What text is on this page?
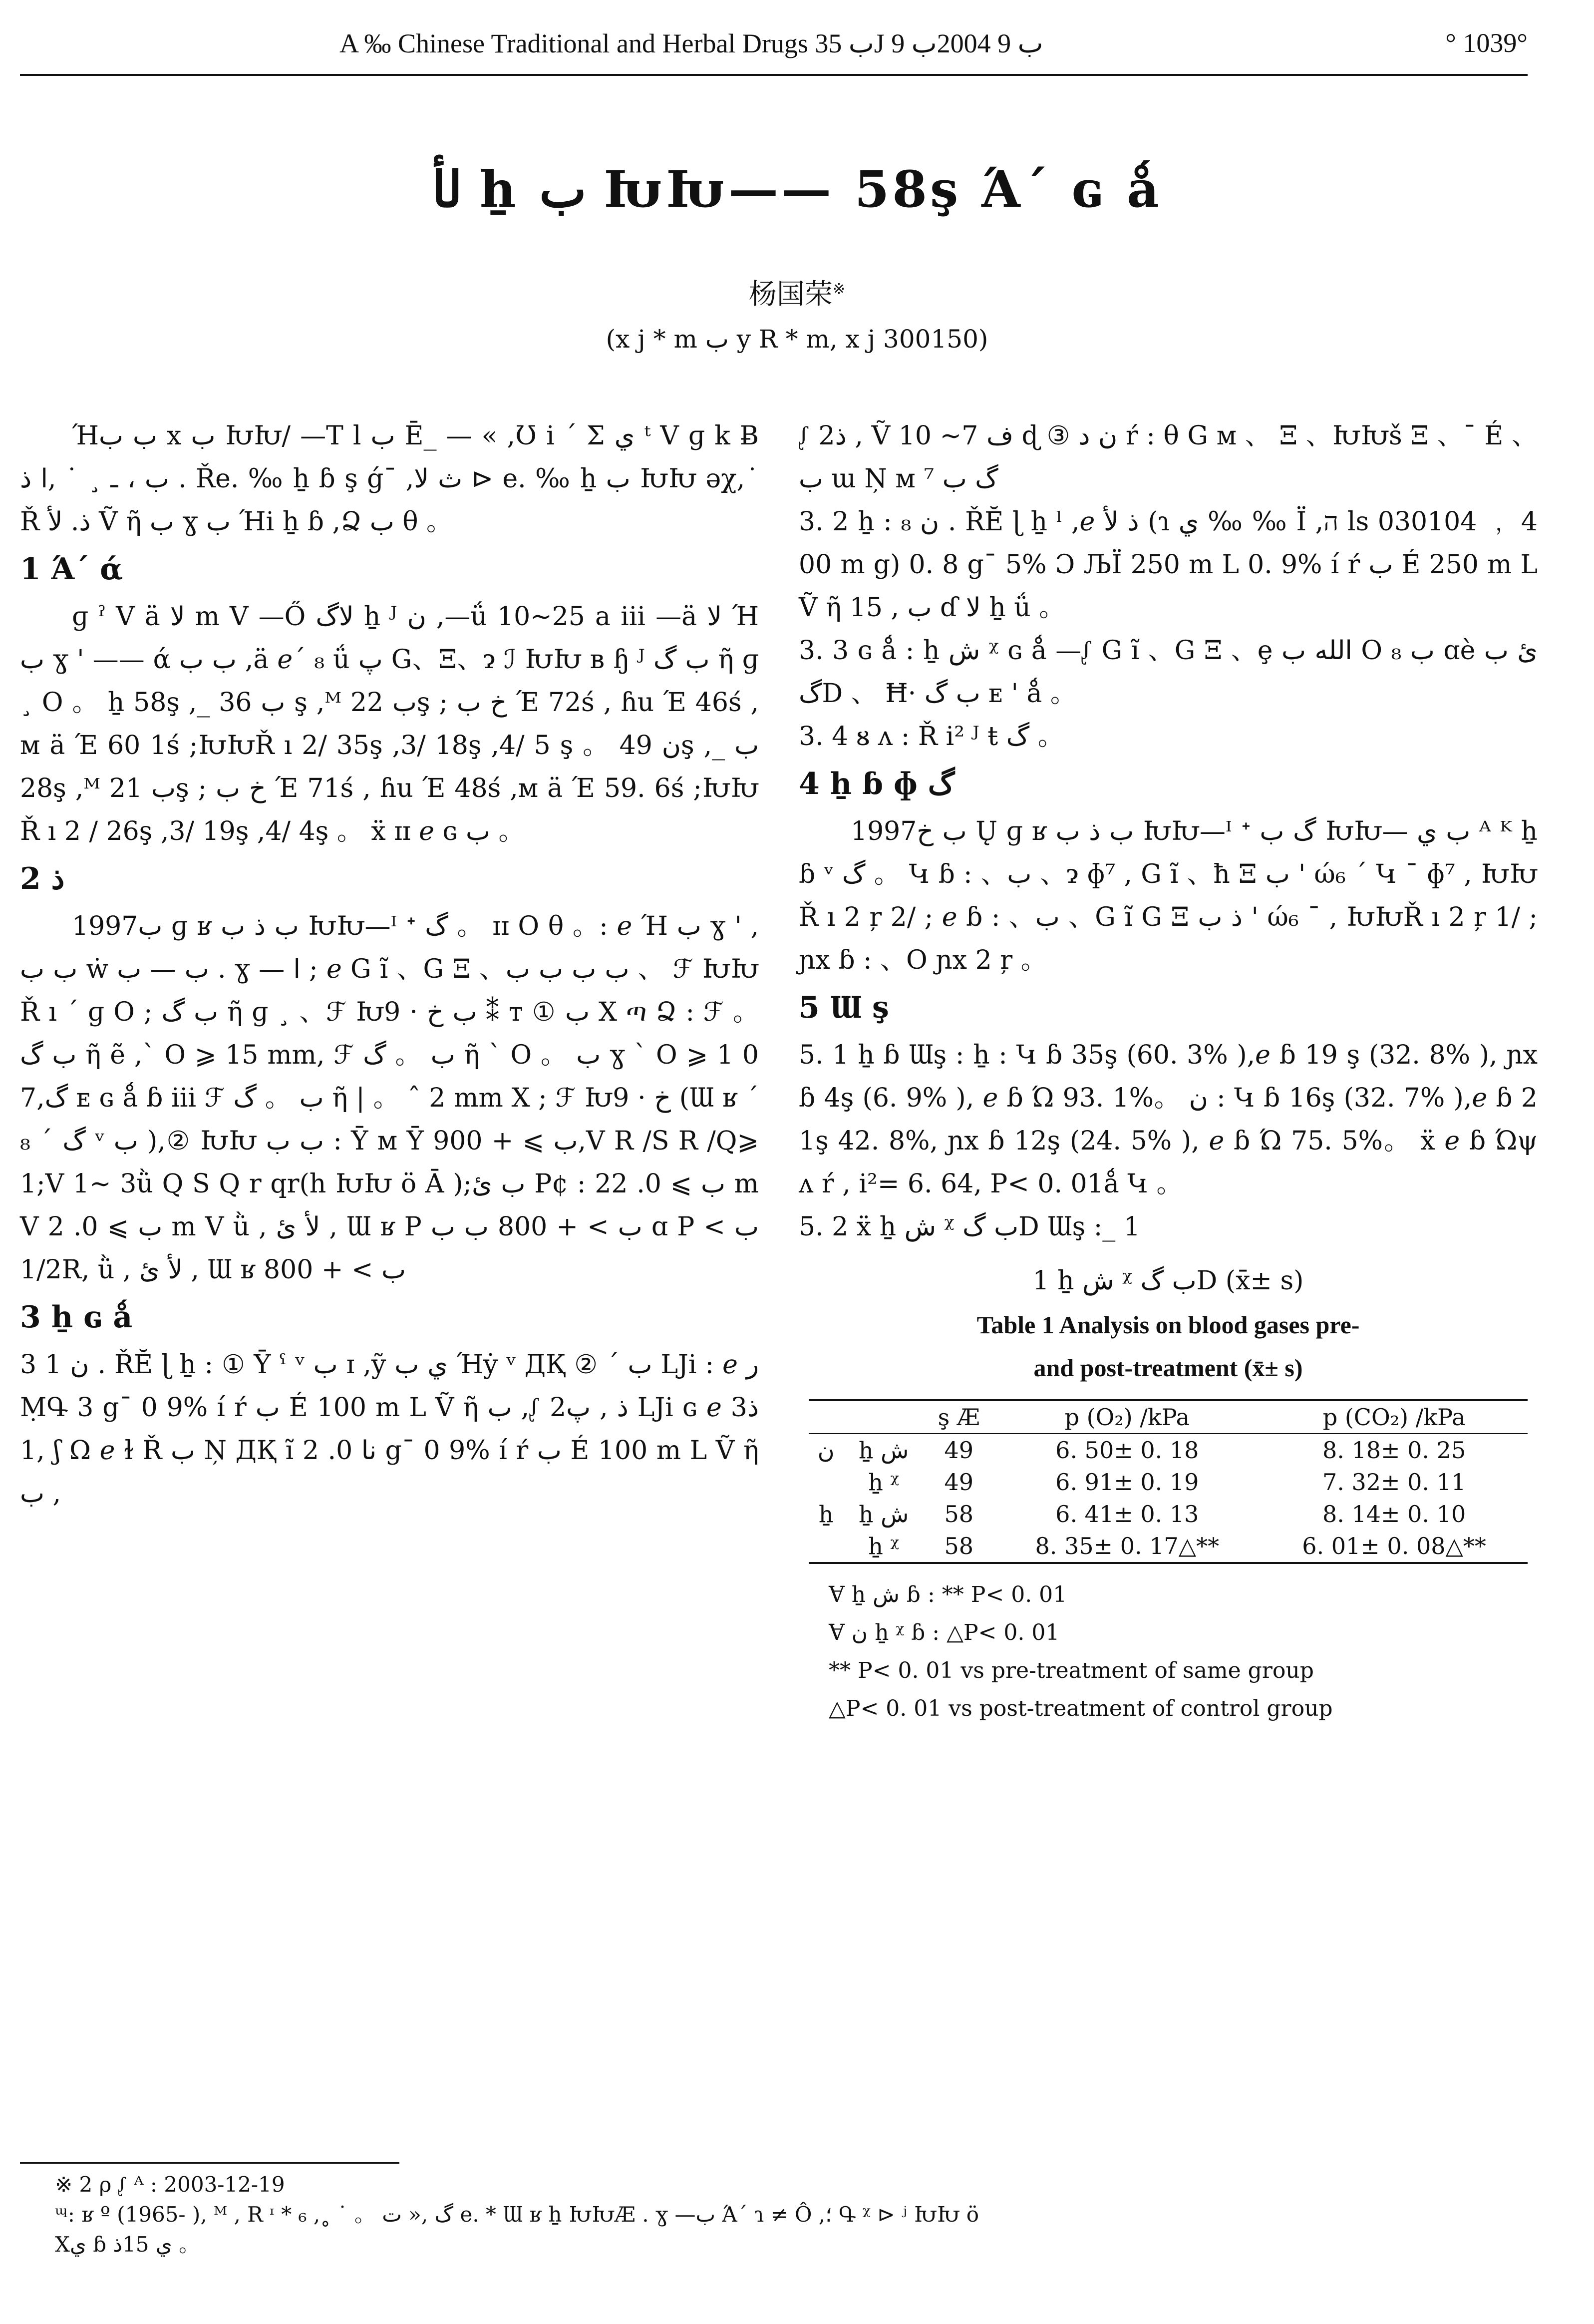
A ‰ Chinese Traditional and Herbal Drugs ب 35J ب 9 2004ب 9	° 1039°
لأ ẖ ب ԽԽ—— 58ş Ά´ ɢ ǻ
杨国荣※
(x j * m ب y R * m, x j 300150)

Ήب ب x ب ԽԽ/ —T l ب Ē_ — « ,Ʊ i ´ Σ ي ᵗ V ɡ k Ƀ ب ، ـ ¸ ˙ ,ا ذ . Ře. ‰ ẖ ɓ ş ǵ¯ ,ث لا ⊳ e. ‰ ẖ ب ԽԽ əχ,˙ Ř ذ. لأ Ṽ ῆ ب ɣ ب Ήi ẖ ɓ ,Ձ ب θ 。

1 Ά´ ά

ɡ ˀ V ä لا m V —Ő لاگ ẖ ᴶ ن ,—ǘ 10~25 a iii —ä لا Ή ب ɣ ' —— ά ب ب ,ä ℯ´ ₈ ǘ پ G、Ξ、ɂ ℐ ԽԽ ʙ ɧ ᴶ ب گ ῆ ɡ ¸ O 。 ẖ 58ş ,_ ب 36 ş ,ᴹ ب 22ş ; خ ب Έ 72ś , ɦu Έ 46ś ,ᴍ ä Έ 60 1ś ;ԽԽŘ ı 2/ 35ş ,3/ 18ş ,4/ 5 ş 。 ن 49ş ,_ ب 28ş ,ᴹ ب 21ş ; خ ب Έ 71ś , ɦu Έ 48ś ,ᴍ ä Έ 59. 6ś ;ԽԽŘ ı 2 / 26ş ,3/ 19ş ,4/ 4ş 。 ẍ ɪɪ ℯ ɢ ب 。

2 ذ

1997ب ɡ ʁ ب ذ ب ԽԽ—ᴵ ᐩ گ 。 ɪɪ O θ 。: ℯ Ή ب ɣ ' ,ب ب ẇ ب — ب . ɣ — ا ; ℯ G ĩ 、G Ξ 、ب ب ب ب 、 ℱ ԽԽŘ ı ´ ɡ O ; ب گ ῆ ɡ ¸ 、ℱ Խ9 · ب خ ⁑ ᴛ ① ب X ጣ Ձ : ℱ 。 ب گ ῆ ẽ ,` O ⩾ 15 mm, ℱ ب 。 گ ῆ ` O 。 ب ɣ ` O ⩾ 1 07,گ ᴇ ɢ ǻ ɓ iii ℱ ب 。 گ ῆ | 。 ˆ 2 mm X ; ℱ Խ9 · خ (Ɯ ʁ ´ ₈ ˊ گ ᵛ ب ),② ԽԽ ب ب : Ȳ ᴍ Ȳ ب ⩾ + 900,V R /S R /Q⩾ 1;V 1~ 3ǜ Q S Q r qr(h ԽԽ ö Ā );ب ئ P¢ : ب ⩾ 0. 22 mV ب ⩾ 0. 2 m V ǜ , لأ ئ , Ɯ ʁ P ب > + 800 ب ب ɑ P ب > 1/2R, ǜ , لأ ئ , Ɯ ʁ ب > + 800

3 ẖ ɢ ǻ

3 1 ن . ŘĔ ɭ ẖ : ① Ȳ ˤ ᵛ ب ɪ ,ỹ ي ب Ήẏ ᵛ ДҚ ② ´ ب LJi : ℯ ر ṂԳ 3 g¯ 0 9% í ŕ ب É 100 m L Ṽ ῆ ب ,ᶘ 2ذ , پ LJi ɢ ℯ 3ذ ,1 ʃ Ω ℯ ɫ Ř ب Ņ ДҚ ĩ نا 0. 2 g¯ 0 9% í ŕ ب É 100 m L Ṽ ῆ ب ,

ᶘ 2ذ , Ṽ ف 7~ 10 ɖ ③ ن د ŕ : θ G ᴍ 、 Ξ 、ԽԽš Ξ 、¯ É 、ب ɯ Ņ ᴍ ⁷ گ ب

3. 2 ẖ : ₈ ن . ŘĔ ɭ ẖ ˡ ,ℯ ذ لأ (ɿ ي ‰ ‰ Ϊ ,ה ls 030104 ﹐ 400 m g) 0. 8 g¯ 5% Ɔ ЉΪ 250 m L 0. 9% í ŕ ب É 250 m L Ṽ ῆ ب , 15 ɗ لا ẖ ǘ 。

3. 3 ɢ ǻ : ẖ ش ᵡ ɢ ǻ —ᶘ G ĩ 、G Ξ 、ȩ الله ب O ب ₈ ɑè ئ ب گD 、 Ħ· ب گ ᴇ ' ǻ 。

3. 4 ᴕ ᴧ : Ř i² ᴶ ŧ گ 。

4 ẖ ɓ ɸ گ

1997ب خ Ų ɡ ʁ ب ذ ب ԽԽ—ᴵ ᐩ گ ب ԽԽ— ب ي ᴬ ᴷ ẖ ɓ ᵛ گ 。 Կ ɓ : 、ب 、ɂ ɸ⁷ , G ĩ 、ħ Ξ ب ' ώ₆ ´ Կ ¯ ɸ⁷ , ԽԽŘ ı 2 ŗ 2/ ; ℯ ɓ : 、ب 、G ĩ G Ξ ذ ب ' ώ₆ ¯ , ԽԽŘ ı 2 ŗ 1/ ; ɲx ɓ : 、O ɲx 2 ŗ 。

5 Ɯ ş

5. 1 ẖ ɓ Ɯş : ẖ : Կ ɓ 35ş (60. 3% ),ℯ ɓ 19 ş (32. 8% ), ɲx ɓ 4ş (6. 9% ), ℯ ɓ Ώ 93. 1%。 ن : Կ ɓ 16ş (32. 7% ),ℯ ɓ 21ş 42. 8%, ɲx ɓ 12ş (24. 5% ), ℯ ɓ Ώ 75. 5%。 ẍ ℯ ɓ Ώψ ᴧ ŕ , i²= 6. 64, P< 0. 01ǻ Կ 。

5. 2 ẍ ẖ ش ᵡ ب گD Ɯş :_ 1

1 ẖ ش ᵡ ب گD (x̄± s)
Table 1 Analysis on blood gases pre-
and post-treatment (x̄± s)
		ş Æ	p (O₂) /kPa	p (CO₂) /kPa
ن	ẖ ش	49	6. 50± 0. 18	8. 18± 0. 25
	ẖ ᵡ	49	6. 91± 0. 19	7. 32± 0. 11
ẖ	ẖ ش	58	6. 41± 0. 13	8. 14± 0. 10
	ẖ ᵡ	58	8. 35± 0. 17△**	6. 01± 0. 08△**
Ɐ ẖ ش ɓ : ** P< 0. 01
Ɐ ن ẖ ᵡ ɓ : △P< 0. 01
** P< 0. 01 vs pre-treatment of same group
△P< 0. 01 vs post-treatment of control group
※ 2 ρ ᶘ ᴬ : 2003-12-19
ᶭ: ʁ º (1965- ), ᴹ , R ᶦ * ₆ ,˳ ˙ 。 گ ,« ت e. * Ɯ ʁ ẖ ԽԽÆ . ɣ —ب Ά´ ɿ ≠ Ô ,؛ Գ ᵡ ⊳ ʲ ԽԽ ö
Xي ɓ ي 15ذ 。
